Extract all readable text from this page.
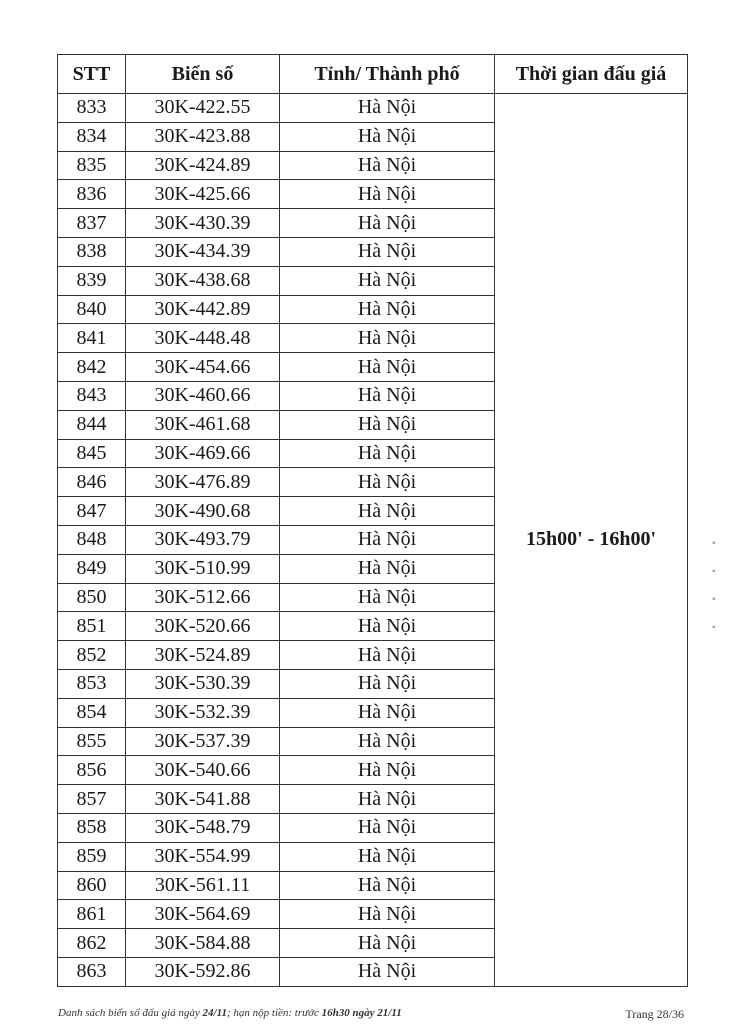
STT	Biển số	Tỉnh/ Thành phố	Thời gian đấu giá
833	30K-422.55	Hà Nội	15h00' - 16h00'
834	30K-423.88	Hà Nội	
835	30K-424.89	Hà Nội	
836	30K-425.66	Hà Nội	
837	30K-430.39	Hà Nội	
838	30K-434.39	Hà Nội	
839	30K-438.68	Hà Nội	
840	30K-442.89	Hà Nội	
841	30K-448.48	Hà Nội	
842	30K-454.66	Hà Nội	
843	30K-460.66	Hà Nội	
844	30K-461.68	Hà Nội	
845	30K-469.66	Hà Nội	
846	30K-476.89	Hà Nội	
847	30K-490.68	Hà Nội	
848	30K-493.79	Hà Nội	
849	30K-510.99	Hà Nội	
850	30K-512.66	Hà Nội	
851	30K-520.66	Hà Nội	
852	30K-524.89	Hà Nội	
853	30K-530.39	Hà Nội	
854	30K-532.39	Hà Nội	
855	30K-537.39	Hà Nội	
856	30K-540.66	Hà Nội	
857	30K-541.88	Hà Nội	
858	30K-548.79	Hà Nội	
859	30K-554.99	Hà Nội	
860	30K-561.11	Hà Nội	
861	30K-564.69	Hà Nội	
862	30K-584.88	Hà Nội	
863	30K-592.86	Hà Nội	
▪
▪
▪
▪
Danh sách biển số đấu giá ngày 24/11; hạn nộp tiền: trước 16h30 ngày 21/11	Trang 28/36
